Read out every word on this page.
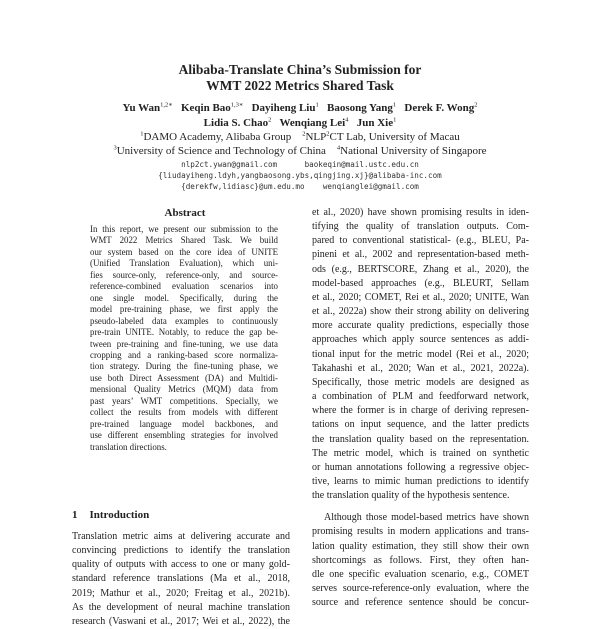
Alibaba-Translate China’s Submission for
WMT 2022 Metrics Shared Task
Yu Wan$^{1,2∗}$ Keqin Bao$^{1,3∗}$ Dayiheng Liu$^1$ Baosong Yang$^1$ Derek F. Wong$^2$
Lidia S. Chao$^2$ Wenqiang Lei$^4$ Jun Xie$^1$
$^1$DAMO Academy, Alibaba Group $^2$NLP$^2$CT Lab, University of Macau
$^3$University of Science and Technology of China $^4$National University of Singapore
nlp2ct.ywan@gmail.com      baokeqin@mail.ustc.edu.cn
{liudayiheng.ldyh,yangbaosong.ybs,qingjing.xj}@alibaba-inc.com
{derekfw,lidiasc}@um.edu.mo    wenqianglei@gmail.com
Abstract
In this report, we present our submission to the
WMT 2022 Metrics Shared Task. We build
our system based on the core idea of UNITE
(Unified Translation Evaluation), which uni-
fies source-only, reference-only, and source-
reference-combined evaluation scenarios into
one single model. Specifically, during the
model pre-training phase, we first apply the
pseudo-labeled data examples to continuously
pre-train UNITE. Notably, to reduce the gap be-
tween pre-training and fine-tuning, we use data
cropping and a ranking-based score normaliza-
tion strategy. During the fine-tuning phase, we
use both Direct Assessment (DA) and Multidi-
mensional Quality Metrics (MQM) data from
past years’ WMT competitions. Specially, we
collect the results from models with different
pre-trained language model backbones, and
use different ensembling strategies for involved
translation directions.
1 Introduction
Translation metric aims at delivering accurate and
convincing predictions to identify the translation
quality of outputs with access to one or many gold-
standard reference translations (Ma et al., 2018,
2019; Mathur et al., 2020; Freitag et al., 2021b).
As the development of neural machine translation
research (Vaswani et al., 2017; Wei et al., 2022), the
et al., 2020) have shown promising results in iden-
tifying the quality of translation outputs. Com-
pared to conventional statistical- (e.g., BLEU, Pa-
pineni et al., 2002 and representation-based meth-
ods (e.g., BERTSCORE, Zhang et al., 2020), the
model-based approaches (e.g., BLEURT, Sellam
et al., 2020; COMET, Rei et al., 2020; UNITE, Wan
et al., 2022a) show their strong ability on delivering
more accurate quality predictions, especially those
approaches which apply source sentences as addi-
tional input for the metric model (Rei et al., 2020;
Takahashi et al., 2020; Wan et al., 2021, 2022a).
Specifically, those metric models are designed as
a combination of PLM and feedforward network,
where the former is in charge of deriving represen-
tations on input sequence, and the latter predicts
the translation quality based on the representation.
The metric model, which is trained on synthetic
or human annotations following a regressive objec-
tive, learns to mimic human predictions to identify
the translation quality of the hypothesis sentence.
Although those model-based metrics have shown
promising results in modern applications and trans-
lation quality estimation, they still show their own
shortcomings as follows. First, they often han-
dle one specific evaluation scenario, e.g., COMET
serves source-reference-only evaluation, where the
source and reference sentence should be concur-
